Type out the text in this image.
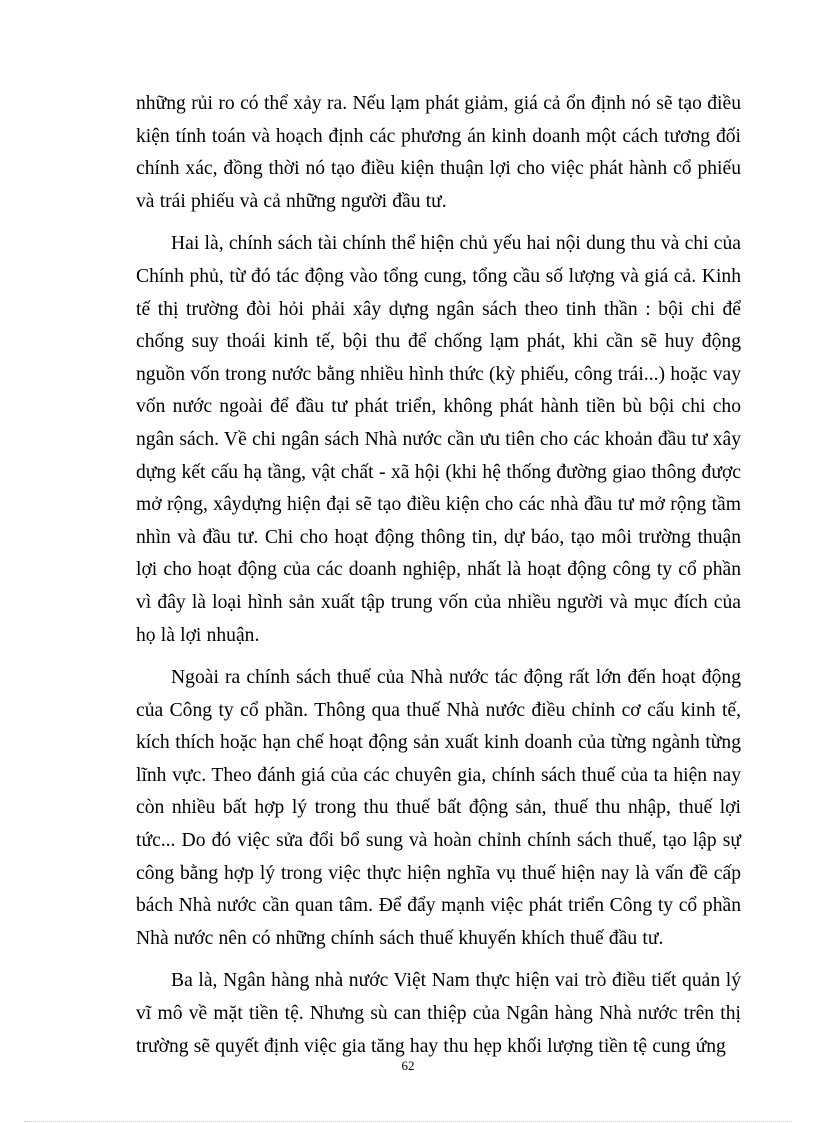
những rủi ro có thể xảy ra. Nếu lạm phát giảm, giá cả ổn định nó sẽ tạo điều kiện tính toán và hoạch định các phương án kinh doanh một cách tương đối chính xác, đồng thời nó tạo điều kiện thuận lợi cho việc phát hành cổ phiếu và trái phiếu và cả những người đầu tư.

Hai là, chính sách tài chính thể hiện chủ yếu hai nội dung thu và chi của Chính phủ, từ đó tác động vào tổng cung, tổng cầu số lượng và giá cả. Kinh tế thị trường đòi hỏi phải xây dựng ngân sách theo tinh thần : bội chi để chống suy thoái kinh tế, bội thu để chống lạm phát, khi cần sẽ huy động nguồn vốn trong nước bằng nhiều hình thức (kỳ phiếu, công trái...) hoặc vay vốn nước ngoài để đầu tư phát triển, không phát hành tiền bù bội chi cho ngân sách. Về chi ngân sách Nhà nước cần ưu tiên cho các khoản đầu tư xây dựng kết cấu hạ tầng, vật chất - xã hội (khi hệ thống đường giao thông được mở rộng, xâydựng hiện đại sẽ tạo điều kiện cho các nhà đầu tư mở rộng tầm nhìn và đầu tư. Chi cho hoạt động thông tin, dự báo, tạo môi trường thuận lợi cho hoạt động của các doanh nghiệp, nhất là hoạt động công ty cổ phần vì đây là loại hình sản xuất tập trung vốn của nhiều người và mục đích của họ là lợi nhuận.

Ngoài ra chính sách thuế của Nhà nước tác động rất lớn đến hoạt động của Công ty cổ phần. Thông qua thuế Nhà nước điều chỉnh cơ cấu kinh tế, kích thích hoặc hạn chế hoạt động sản xuất kinh doanh của từng ngành từng lĩnh vực. Theo đánh giá của các chuyên gia, chính sách thuế của ta hiện nay còn nhiều bất hợp lý trong thu thuế bất động sản, thuế thu nhập, thuế lợi tức... Do đó việc sửa đổi bổ sung và hoàn chỉnh chính sách thuế, tạo lập sự công bằng hợp lý trong việc thực hiện nghĩa vụ thuế hiện nay là vấn đề cấp bách Nhà nước cần quan tâm. Để đẩy mạnh việc phát triển Công ty cổ phần Nhà nước nên có những chính sách thuế khuyến khích thuế đầu tư.

Ba là, Ngân hàng nhà nước Việt Nam thực hiện vai trò điều tiết quản lý vĩ mô về mặt tiền tệ. Nhưng sù can thiệp của Ngân hàng Nhà nước trên thị trường sẽ quyết định việc gia tăng hay thu hẹp khối lượng tiền tệ cung ứng

62
